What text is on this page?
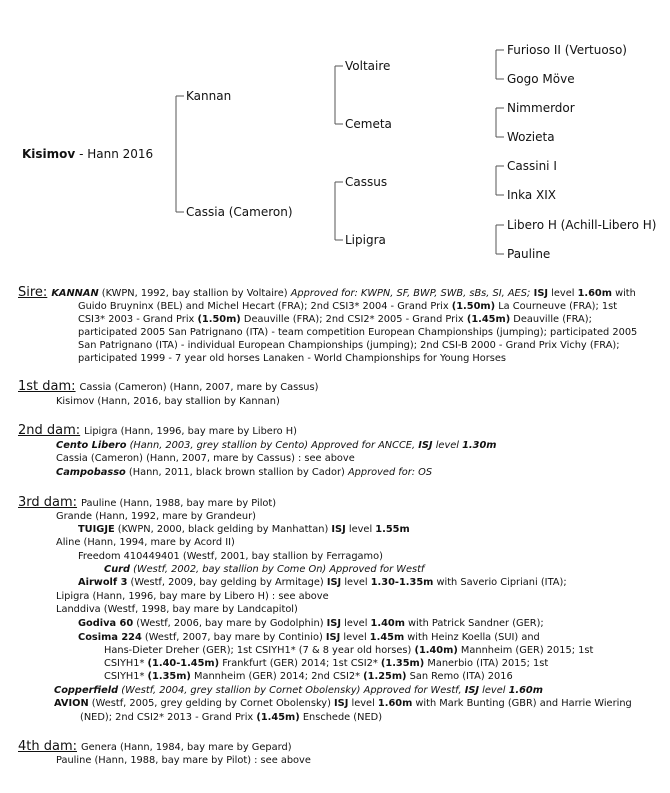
Kisimov - Hann 2016
Kannan
Cassia (Cameron)
Voltaire
Cemeta
Cassus
Lipigra
Furioso II (Vertuoso)
Gogo Möve
Nimmerdor
Wozieta
Cassini I
Inka XIX
Libero H (Achill-Libero H)
Pauline
Sire: KANNAN (KWPN, 1992, bay stallion by Voltaire) Approved for: KWPN, SF, BWP, SWB, sBs, SI, AES; ISJ level 1.60m with
Guido Bruyninx (BEL) and Michel Hecart (FRA); 2nd CSI3* 2004 - Grand Prix (1.50m) La Courneuve (FRA); 1st
CSI3* 2003 - Grand Prix (1.50m) Deauville (FRA); 2nd CSI2* 2005 - Grand Prix (1.45m) Deauville (FRA);
participated 2005 San Patrignano (ITA) - team competition European Championships (jumping); participated 2005
San Patrignano (ITA) - individual European Championships (jumping); 2nd CSI-B 2000 - Grand Prix Vichy (FRA);
participated 1999 - 7 year old horses Lanaken - World Championships for Young Horses
1st dam: Cassia (Cameron) (Hann, 2007, mare by Cassus)
Kisimov (Hann, 2016, bay stallion by Kannan)
2nd dam: Lipigra (Hann, 1996, bay mare by Libero H)
Cento Libero (Hann, 2003, grey stallion by Cento) Approved for ANCCE, ISJ level 1.30m
Cassia (Cameron) (Hann, 2007, mare by Cassus) : see above
Campobasso (Hann, 2011, black brown stallion by Cador) Approved for: OS
3rd dam: Pauline (Hann, 1988, bay mare by Pilot)
Grande (Hann, 1992, mare by Grandeur)
TUIGJE (KWPN, 2000, black gelding by Manhattan) ISJ level 1.55m
Aline (Hann, 1994, mare by Acord II)
Freedom 410449401 (Westf, 2001, bay stallion by Ferragamo)
Curd (Westf, 2002, bay stallion by Come On) Approved for Westf
Airwolf 3 (Westf, 2009, bay gelding by Armitage) ISJ level 1.30-1.35m with Saverio Cipriani (ITA);
Lipigra (Hann, 1996, bay mare by Libero H) : see above
Landdiva (Westf, 1998, bay mare by Landcapitol)
Godiva 60 (Westf, 2006, bay mare by Godolphin) ISJ level 1.40m with Patrick Sandner (GER);
Cosima 224 (Westf, 2007, bay mare by Continio) ISJ level 1.45m with Heinz Koella (SUI) and
Hans-Dieter Dreher (GER); 1st CSIYH1* (7 & 8 year old horses) (1.40m) Mannheim (GER) 2015; 1st
CSIYH1* (1.40-1.45m) Frankfurt (GER) 2014; 1st CSI2* (1.35m) Manerbio (ITA) 2015; 1st
CSIYH1* (1.35m) Mannheim (GER) 2014; 2nd CSI2* (1.25m) San Remo (ITA) 2016
Copperfield (Westf, 2004, grey stallion by Cornet Obolensky) Approved for Westf, ISJ level 1.60m
AVION (Westf, 2005, grey gelding by Cornet Obolensky) ISJ level 1.60m with Mark Bunting (GBR) and Harrie Wiering
(NED); 2nd CSI2* 2013 - Grand Prix (1.45m) Enschede (NED)
4th dam: Genera (Hann, 1984, bay mare by Gepard)
Pauline (Hann, 1988, bay mare by Pilot) : see above
